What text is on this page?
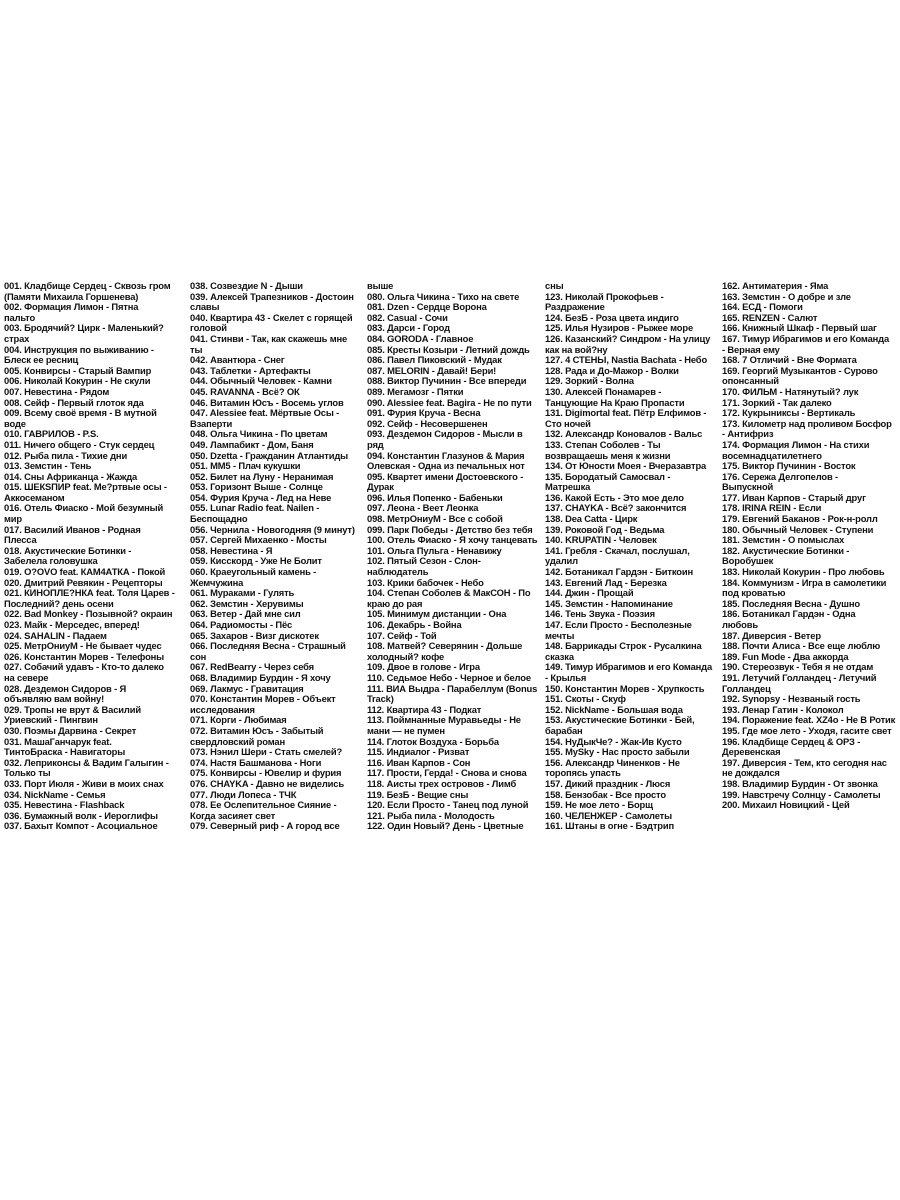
001. Кладбище Сердец - Сквозь гром
(Памяти Михаила Горшенева)
002. Формация Лимон - Пятна
пальто
003. Бродячий? Цирк - Маленький?
страх
004. Инструкция по выживанию -
Блеск ее ресниц
005. Конвирсы - Старый Вампир
006. Николай Кокурин - Не скули
007. Невестина - Рядом
008. Сейф - Первый глоток яда
009. Всему своё время - В мутной
воде
010. ГАВРИЛОВ - P.S.
011. Ничего общего - Стук сердец
012. Рыба пила - Тихие дни
013. Земстин - Тень
014. Сны Африканца - Жажда
015. ШЕКSПИР feat. Ме?ртвые осы -
Аккосеманом
016. Отель Фиаско - Мой безумный
мир
017. Василий Иванов - Родная
Плесса
018. Акустические Ботинки -
Забелела головушка
019. О?OVO feat. КАМ4АТКА - Покой
020. Дмитрий Ревякин - Рецепторы
021. КИНОПЛЕ?НКА feat. Толя Царев -
Последний? день осени
022. Bad Monkey - Позывной? окраин
023. Майк - Мерседес, вперед!
024. SAHALIN - Падаем
025. МетрОниуМ - Не бывает чудес
026. Константин Морев - Телефоны
027. Собачий удавъ - Кто-то далеко
на севере
028. Дездемон Сидоров - Я
объявляю вам войну!
029. Тропы не врут & Василий
Уриевский - Пингвин
030. Поэмы Дарвина - Секрет
031. МашаГанчарук feat.
ТинтоБраска - Навигаторы
032. Леприконсы & Вадим Галыгин -
Только ты
033. Порт Июля - Живи в моих снах
034. NickName - Семья
035. Невестина - Flashback
036. Бумажный волк - Иероглифы
037. Бахыт Компот - Асоциальное
038. Созвездие N - Дыши
039. Алексей Трапезников - Достоин
славы
040. Квартира 43 - Скелет с горящей
головой
041. Стинви - Так, как скажешь мне
ты
042. Авантюра - Снег
043. Таблетки - Артефакты
044. Обычный Человек - Камни
045. RAVANNA - Всё? ОК
046. Витамин Юсъ - Восемь углов
047. Alessiee feat. Мёртвые Осы -
Взаперти
048. Ольга Чикина - По цветам
049. Лампабикт - Дом, Баня
050. Dzetta - Гражданин Атлантиды
051. ММ5 - Плач кукушки
052. Билет на Луну - Неранимая
053. Горизонт Выше - Солнце
054. Фурия Круча - Лед на Неве
055. Lunar Radio feat. Nailen -
Беспощадно
056. Чернила - Новогодняя (9 минут)
057. Сергей Михаенко - Мосты
058. Невестина - Я
059. Кисскорд - Уже Не Болит
060. Краеугольный камень -
Жемчужина
061. Мураками - Гулять
062. Земстин - Херувимы
063. Ветер - Дай мне сил
064. Радиомосты - Пёс
065. Захаров - Визг дискотек
066. Последняя Весна - Страшный
сон
067. RedBearry - Через себя
068. Владимир Бурдин - Я хочу
069. Лакмус - Гравитация
070. Константин Морев - Объект
исследования
071. Корги - Любимая
072. Витамин Юсъ - Забытый
свердловский роман
073. Нэнил Шери - Стать смелей?
074. Настя Башманова - Ноги
075. Конвирсы - Ювелир и фурия
076. CHAYKA - Давно не виделись
077. Люди Лопеса - ТЧК
078. Ее Ослепительное Сияние -
Когда засияет свет
079. Северный риф - А город все
выше
080. Ольга Чикина - Тихо на свете
081. Dzen - Сердце Ворона
082. Casual - Сочи
083. Дарси - Город
084. GORODA - Главное
085. Кресты Козыри - Летний дождь
086. Павел Пиковский - Мудак
087. MELORIN - Давай! Бери!
088. Виктор Пучинин - Все впереди
089. Мегамозг - Пятки
090. Alessiee feat. Bagira - Не по пути
091. Фурия Круча - Весна
092. Сейф - Несовершенен
093. Дездемон Сидоров - Мысли в
ряд
094. Константин Глазунов & Мария
Олевская - Одна из печальных нот
095. Квартет имени Достоевского -
Дурак
096. Илья Попенко - Бабеньки
097. Леона - Веет Леонка
098. МетрОниуМ - Все с собой
099. Парк Победы - Детство без тебя
100. Отель Фиаско - Я хочу танцевать
101. Ольга Пульга - Ненавижу
102. Пятый Сезон - Слон-
наблюдатель
103. Крики бабочек - Небо
104. Степан Соболев & МакСОН - По
краю до рая
105. Минимум дистанции - Она
106. Декабрь - Война
107. Сейф - Той
108. Матвей? Северянин - Дольше
холодный? кофе
109. Двое в голове - Игра
110. Седьмое Небо - Черное и белое
111. ВИА Выдра - Парабеллум (Bonus
Track)
112. Квартира 43 - Подкат
113. Поймнанные Муравьеды - Не
мани — не пумен
114. Глоток Воздуха - Борьба
115. Индиалог - Ризват
116. Иван Карпов - Сон
117. Прости, Герда! - Снова и снова
118. Аисты трех островов - Лимб
119. БезБ - Вещие сны
120. Если Просто - Танец под луной
121. Рыба пила - Молодость
122. Один Новый? День - Цветные
сны
123. Николай Прокофьев -
Раздражение
124. БезБ - Роза цвета индиго
125. Илья Нузиров - Рыжее море
126. Казанский? Синдром - На улицу
как на вой?ну
127. 4 СТЕНЫ, Nastia Bachata - Небо
128. Рада и До-Мажор - Волки
129. Зоркий - Волна
130. Алексей Понамарев -
Танцующие На Краю Пропасти
131. Digimortal feat. Пётр Елфимов -
Сто ночей
132. Александр Коновалов - Вальс
133. Степан Соболев - Ты
возвращаешь меня к жизни
134. От Юности Моея - Вчеразавтра
135. Бородатый Самосвал -
Матрешка
136. Какой Есть - Это мое дело
137. CHAYKA - Всё? закончится
138. Dea Catta - Цирк
139. Роковой Год - Ведьма
140. KRUPATIN - Человек
141. Гребля - Скачал, послушал,
удалил
142. Ботаникал Гардэн - Биткоин
143. Евгений Лад - Березка
144. Джин - Прощай
145. Земстин - Напоминание
146. Тень Звука - Поэзия
147. Если Просто - Бесполезные
мечты
148. Баррикады Строк - Русалкина
сказка
149. Тимур Ибрагимов и его Команда
- Крылья
150. Константин Морев - Хрупкость
151. Скоты - Скуф
152. NickName - Большая вода
153. Акустические Ботинки - Бей,
барабан
154. НуДыкЧе? - Жак-Ив Кусто
155. MySky - Нас просто забыли
156. Александр Чиненков - Не
торопясь упасть
157. Дикий праздник - Люся
158. Бензобак - Все просто
159. Не мое лето - Борщ
160. ЧЕЛЕНЖЕР - Самолеты
161. Штаны в огне - Бэдтрип
162. Антиматерия - Яма
163. Земстин - О добре и зле
164. ЕСД - Помоги
165. RENZEN - Салют
166. Книжный Шкаф - Первый шаг
167. Тимур Ибрагимов и его Команда
- Верная ему
168. 7 Отличий - Вне Формата
169. Георгий Музыкантов - Сурово
опонсанный
170. ФИЛЬМ - Натянутый? лук
171. Зоркий - Так далеко
172. Кукрыниксы - Вертикаль
173. Километр над проливом Босфор
- Антифриз
174. Формация Лимон - На стихи
восемнадцатилетнего
175. Виктор Пучинин - Восток
176. Сережа Делгопелов -
Выпускной
177. Иван Карпов - Старый друг
178. IRINA REIN - Если
179. Евгений Баканов - Рок-н-ролл
180. Обычный Человек - Ступени
181. Земстин - О помыслах
182. Акустические Ботинки -
Воробушек
183. Николай Кокурин - Про любовь
184. Коммунизм - Игра в самолетики
под кроватью
185. Последняя Весна - Душно
186. Ботаникал Гардэн - Одна
любовь
187. Диверсия - Ветер
188. Почти Алиса - Все еще люблю
189. Fun Mode - Два аккорда
190. Стереозвук - Тебя я не отдам
191. Летучий Голландец - Летучий
Голландец
192. Synopsy - Незваный гость
193. Ленар Гатин - Колокол
194. Поражение feat. XZ4o - Не В Ротик
195. Где мое лето - Уходя, гасите свет
196. Кладбище Сердец & ОРЗ -
Деревенская
197. Диверсия - Тем, кто сегодня нас
не дождался
198. Владимир Бурдин - От звонка
199. Навстречу Солнцу - Самолеты
200. Михаил Новицкий - Цей
